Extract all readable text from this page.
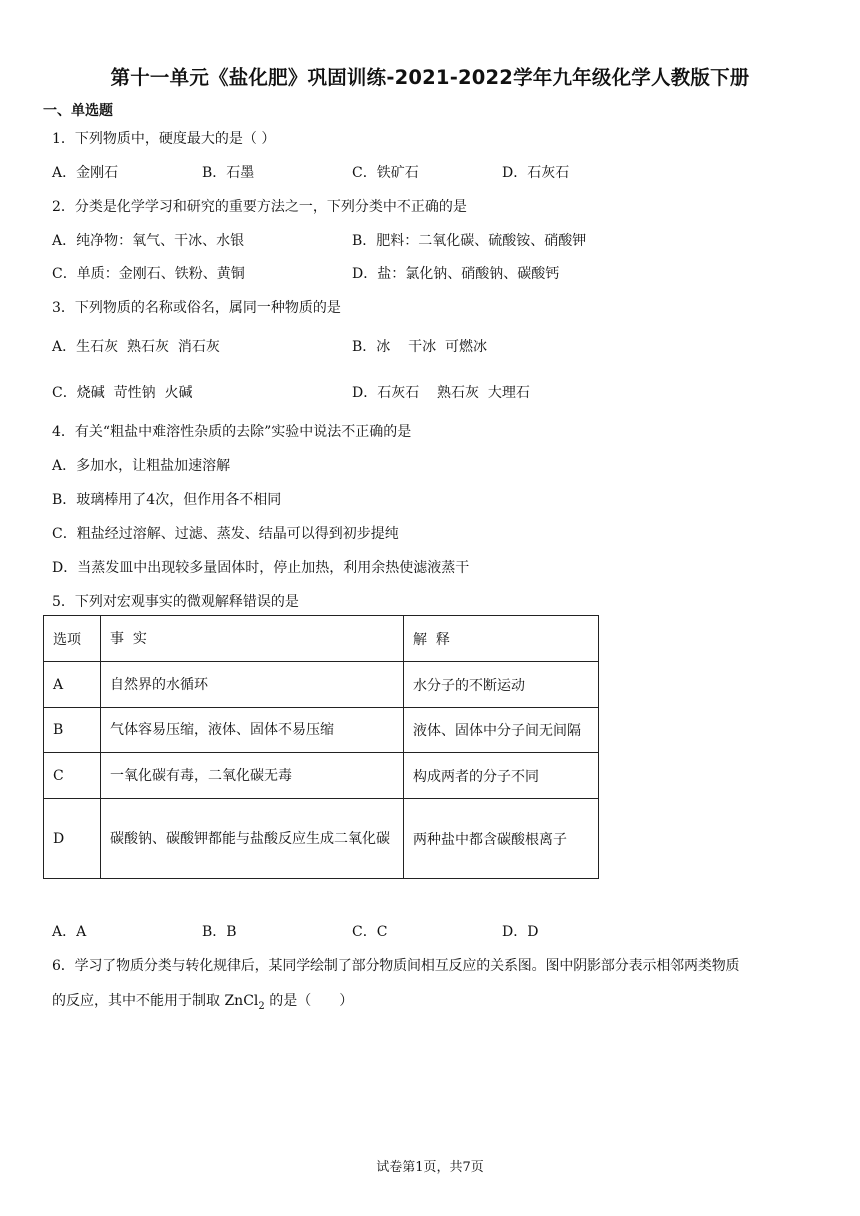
第十一单元《盐化肥》巩固训练-2021-2022学年九年级化学人教版下册
一、单选题
1．下列物质中，硬度最大的是（ ）
A．金刚石	B．石墨	C．铁矿石	D．石灰石
2．分类是化学学习和研究的重要方法之一，下列分类中不正确的是
A．纯净物：氧气、干冰、水银	B．肥料：二氧化碳、硫酸铵、硝酸钾
C．单质：金刚石、铁粉、黄铜	D．盐：氯化钠、硝酸钠、碳酸钙
3．下列物质的名称或俗名，属同一种物质的是
A．生石灰  熟石灰  消石灰	B．冰    干冰  可燃冰
C．烧碱  苛性钠  火碱	D．石灰石    熟石灰  大理石
4．有关“粗盐中难溶性杂质的去除”实验中说法不正确的是
A．多加水，让粗盐加速溶解
B．玻璃棒用了4次，但作用各不相同
C．粗盐经过溶解、过滤、蒸发、结晶可以得到初步提纯
D．当蒸发皿中出现较多量固体时，停止加热，利用余热使滤液蒸干
5．下列对宏观事实的微观解释错误的是
选项	事  实	解  释
A	自然界的水循环	水分子的不断运动
B	气体容易压缩，液体、固体不易压缩	液体、固体中分子间无间隔
C	一氧化碳有毒，二氧化碳无毒	构成两者的分子不同
D	碳酸钠、碳酸钾都能与盐酸反应生成二氧化碳	两种盐中都含碳酸根离子
A．A	B．B	C．C	D．D
6．学习了物质分类与转化规律后，某同学绘制了部分物质间相互反应的关系图。图中阴影部分表示相邻两类物质
的反应，其中不能用于制取 ZnCl$_2$ 的是（　　）
试卷第1页，共7页
